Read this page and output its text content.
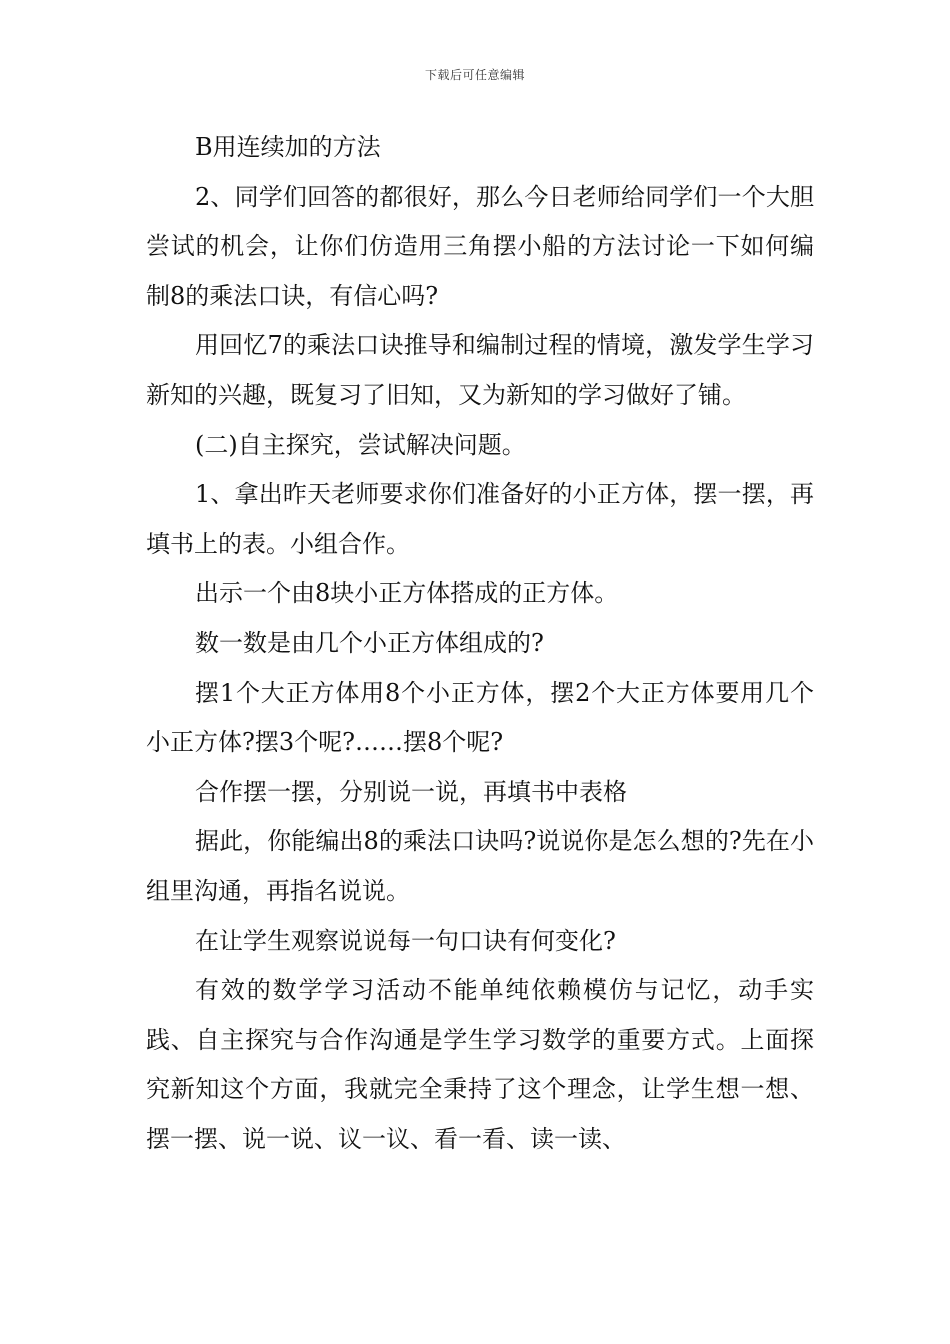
下载后可任意编辑

B用连续加的方法

2、同学们回答的都很好，那么今日老师给同学们一个大胆尝试的机会，让你们仿造用三角摆小船的方法讨论一下如何编制8的乘法口诀，有信心吗?

用回忆7的乘法口诀推导和编制过程的情境，激发学生学习新知的兴趣，既复习了旧知，又为新知的学习做好了铺。

(二)自主探究，尝试解决问题。

1、拿出昨天老师要求你们准备好的小正方体，摆一摆，再填书上的表。小组合作。

出示一个由8块小正方体搭成的正方体。

数一数是由几个小正方体组成的?

摆1个大正方体用8个小正方体，摆2个大正方体要用几个小正方体?摆3个呢?……摆8个呢?

合作摆一摆，分别说一说，再填书中表格

据此，你能编出8的乘法口诀吗?说说你是怎么想的?先在小组里沟通，再指名说说。

在让学生观察说说每一句口诀有何变化?

有效的数学学习活动不能单纯依赖模仿与记忆，动手实践、自主探究与合作沟通是学生学习数学的重要方式。上面探究新知这个方面，我就完全秉持了这个理念，让学生想一想、摆一摆、说一说、议一议、看一看、读一读、
